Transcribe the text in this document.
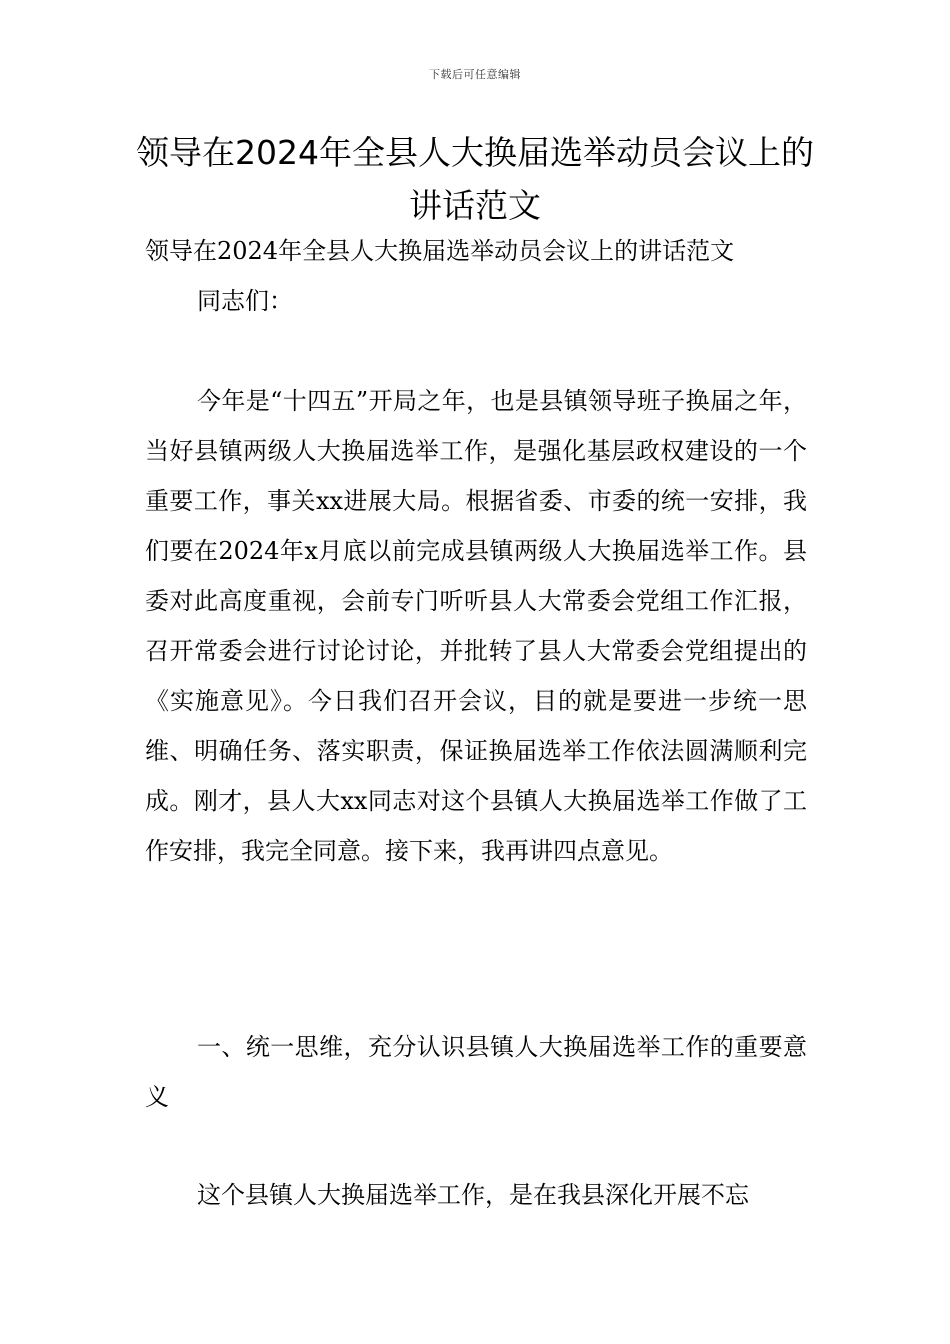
下载后可任意编辑
领导在2024年全县人大换届选举动员会议上的讲话范文

领导在2024年全县人大换届选举动员会议上的讲话范文

同志们：

今年是“十四五”开局之年，也是县镇领导班子换届之年，当好县镇两级人大换届选举工作，是强化基层政权建设的一个重要工作，事关xx进展大局。根据省委、市委的统一安排，我们要在2024年x月底以前完成县镇两级人大换届选举工作。县委对此高度重视，会前专门听听县人大常委会党组工作汇报，召开常委会进行讨论讨论，并批转了县人大常委会党组提出的《实施意见》。今日我们召开会议，目的就是要进一步统一思维、明确任务、落实职责，保证换届选举工作依法圆满顺利完成。刚才，县人大xx同志对这个县镇人大换届选举工作做了工作安排，我完全同意。接下来，我再讲四点意见。

一、统一思维，充分认识县镇人大换届选举工作的重要意义

这个县镇人大换届选举工作，是在我县深化开展不忘
